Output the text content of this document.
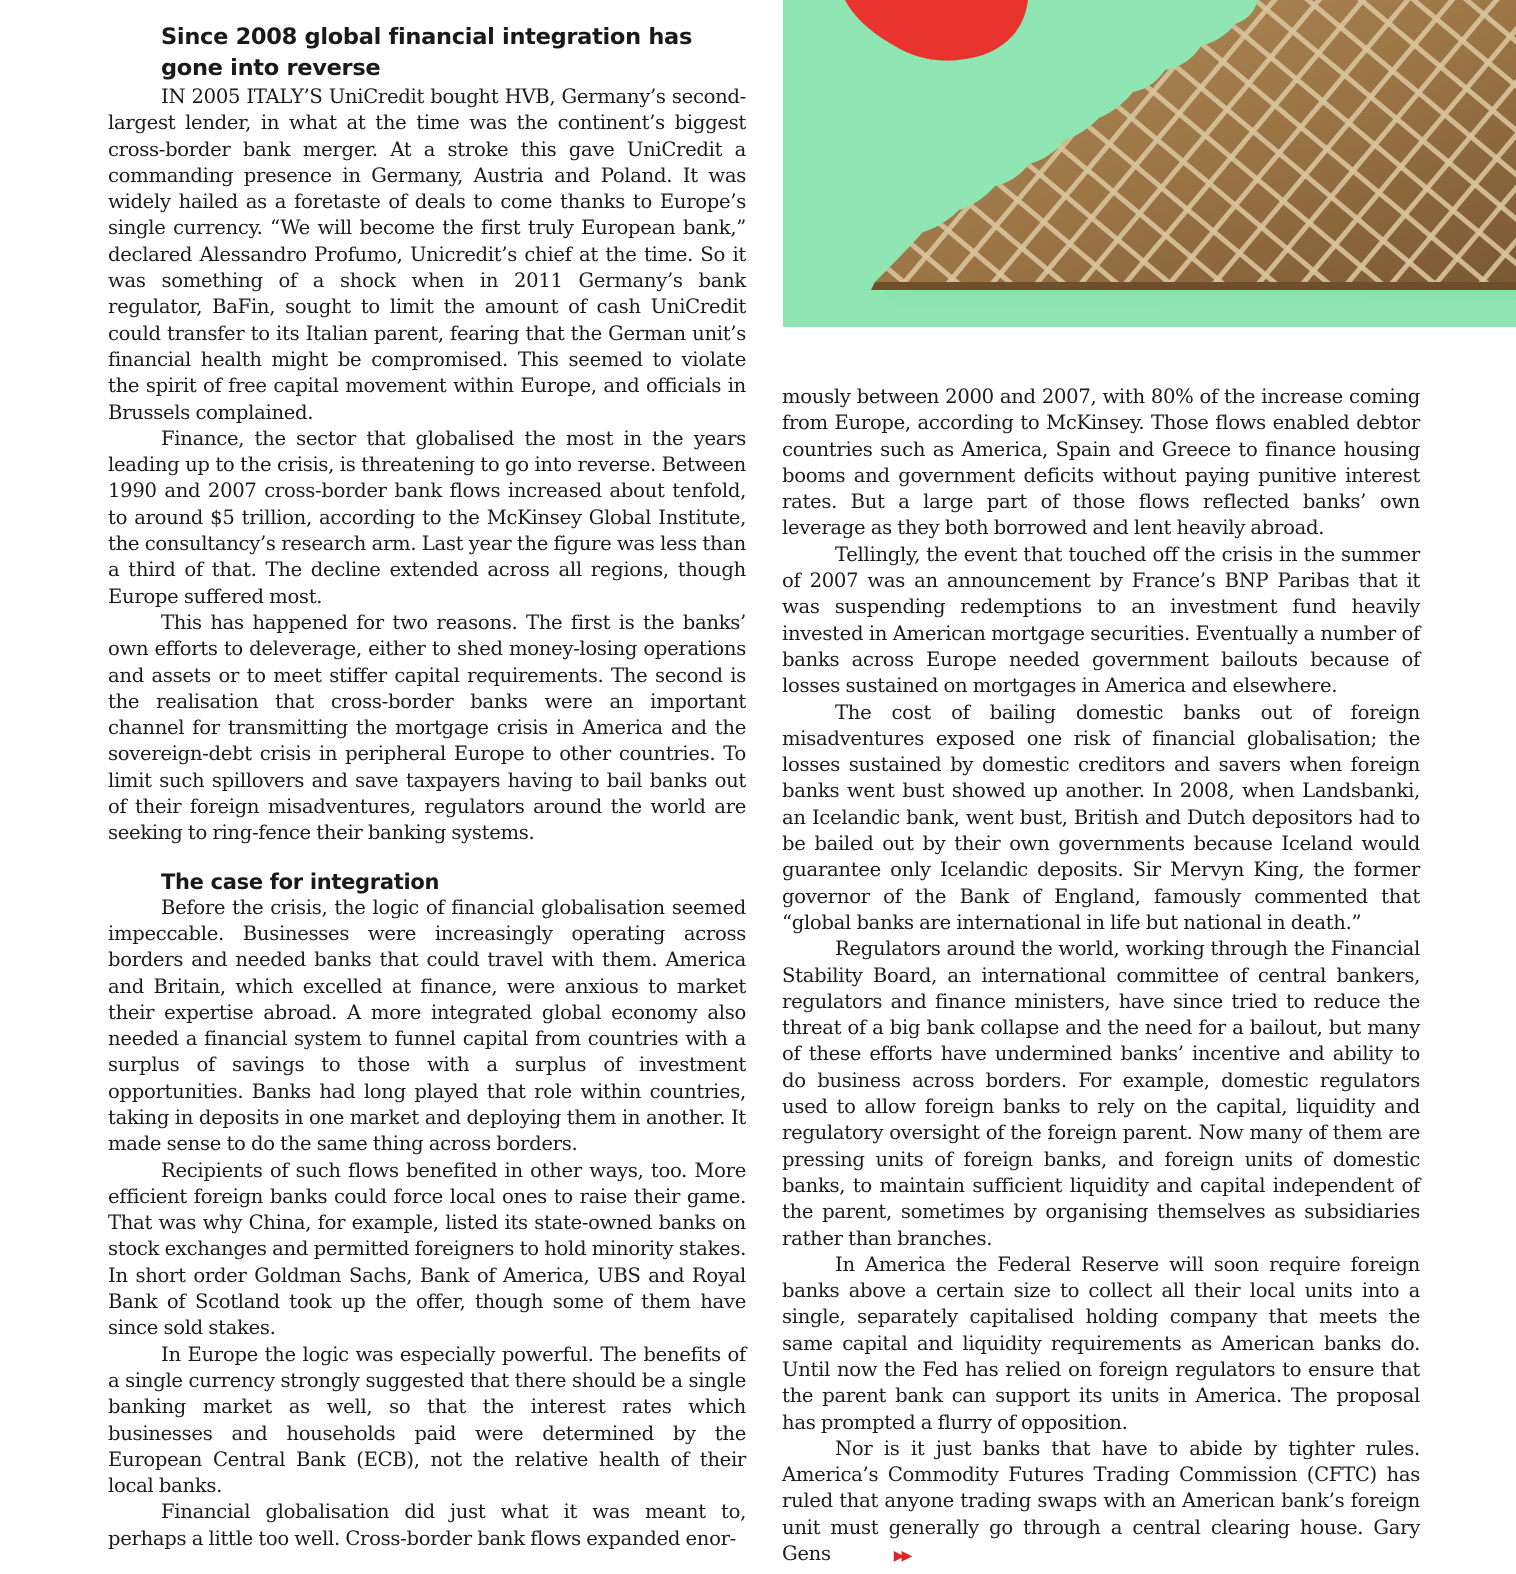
Since 2008 global financial integration has gone into reverse

IN 2005 ITALY’S UniCredit bought HVB, Germany’s second-largest lender, in what at the time was the continent’s biggest cross-border bank merger. At a stroke this gave UniCredit a commanding presence in Germany, Austria and Poland. It was widely hailed as a foretaste of deals to come thanks to Europe’s single currency. “We will become the first truly European bank,” declared Alessandro Profumo, Unicredit’s chief at the time. So it was something of a shock when in 2011 Germany’s bank regulator, BaFin, sought to limit the amount of cash UniCredit could transfer to its Italian parent, fearing that the German unit’s financial health might be compromised. This seemed to violate the spirit of free capital movement within Europe, and officials in Brussels complained.

Finance, the sector that globalised the most in the years leading up to the crisis, is threatening to go into reverse. Between 1990 and 2007 cross-border bank flows increased about tenfold, to around $5 trillion, according to the McKinsey Global Institute, the consultancy’s research arm. Last year the figure was less than a third of that. The decline extended across all regions, though Europe suffered most.

This has happened for two reasons. The first is the banks’ own efforts to deleverage, either to shed money-losing operations and assets or to meet stiffer capital requirements. The second is the realisation that cross-border banks were an important channel for transmitting the mortgage crisis in America and the sovereign-debt crisis in peripheral Europe to other countries. To limit such spillovers and save taxpayers having to bail banks out of their foreign misadventures, regulators around the world are seeking to ring-fence their banking systems.

The case for integration

Before the crisis, the logic of financial globalisation seemed impeccable. Businesses were increasingly operating across borders and needed banks that could travel with them. America and Britain, which excelled at finance, were anxious to market their expertise abroad. A more integrated global economy also needed a financial system to funnel capital from countries with a surplus of savings to those with a surplus of investment opportunities. Banks had long played that role within countries, taking in deposits in one market and deploying them in another. It made sense to do the same thing across borders.

Recipients of such flows benefited in other ways, too. More efficient foreign banks could force local ones to raise their game. That was why China, for example, listed its state-owned banks on stock exchanges and permitted foreigners to hold minority stakes. In short order Goldman Sachs, Bank of America, UBS and Royal Bank of Scotland took up the offer, though some of them have since sold stakes.

In Europe the logic was especially powerful. The benefits of a single currency strongly suggested that there should be a single banking market as well, so that the interest rates which businesses and households paid were determined by the European Central Bank (ECB), not the relative health of their local banks.

Financial globalisation did just what it was meant to, perhaps a little too well. Cross-border bank flows expanded enor-

mously between 2000 and 2007, with 80% of the increase coming from Europe, according to McKinsey. Those flows enabled debtor countries such as America, Spain and Greece to finance housing booms and government deficits without paying punitive interest rates. But a large part of those flows reflected banks’ own leverage as they both borrowed and lent heavily abroad.

Tellingly, the event that touched off the crisis in the summer of 2007 was an announcement by France’s BNP Paribas that it was suspending redemptions to an investment fund heavily invested in American mortgage securities. Eventually a number of banks across Europe needed government bailouts because of losses sustained on mortgages in America and elsewhere.

The cost of bailing domestic banks out of foreign misadventures exposed one risk of financial globalisation; the losses sustained by domestic creditors and savers when foreign banks went bust showed up another. In 2008, when Landsbanki, an Icelandic bank, went bust, British and Dutch depositors had to be bailed out by their own governments because Iceland would guarantee only Icelandic deposits. Sir Mervyn King, the former governor of the Bank of England, famously commented that “global banks are international in life but national in death.”

Regulators around the world, working through the Financial Stability Board, an international committee of central bankers, regulators and finance ministers, have since tried to reduce the threat of a big bank collapse and the need for a bailout, but many of these efforts have undermined banks’ incentive and ability to do business across borders. For example, domestic regulators used to allow foreign banks to rely on the capital, liquidity and regulatory oversight of the foreign parent. Now many of them are pressing units of foreign banks, and foreign units of domestic banks, to maintain sufficient liquidity and capital independent of the parent, sometimes by organising themselves as subsidiaries rather than branches.

In America the Federal Reserve will soon require foreign banks above a certain size to collect all their local units into a single, separately capitalised holding company that meets the same capital and liquidity requirements as American banks do. Until now the Fed has relied on foreign regulators to ensure that the parent bank can support its units in America. The proposal has prompted a flurry of opposition.

Nor is it just banks that have to abide by tighter rules. America’s Commodity Futures Trading Commission (CFTC) has ruled that anyone trading swaps with an American bank’s foreign unit must generally go through a central clearing house. Gary Gens	▶▶
